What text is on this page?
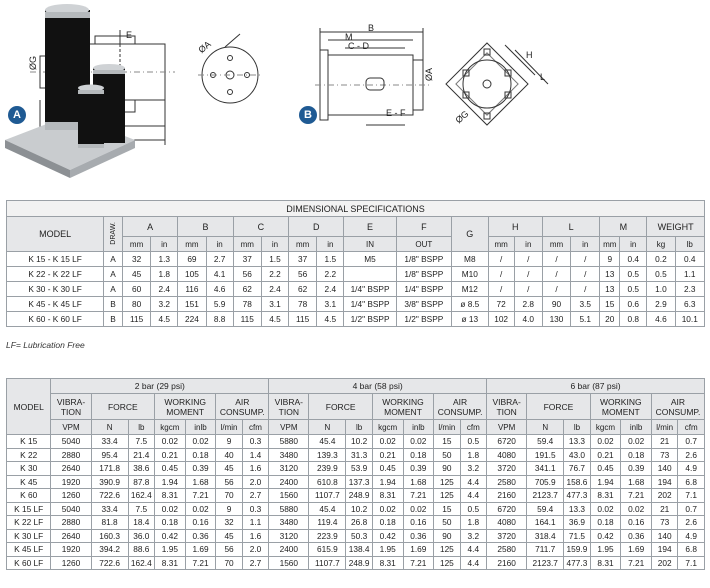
A	B
E
ØG
ØA
B
M
C - D
ØA
E - F	ØG
H
L
DIMENSIONAL SPECIFICATIONS																				
MODEL	DRAW.	A		B		C		D		E	F	G	H		L		M		WEIGHT	
		mm	in	mm	in	mm	in	mm	in	IN	OUT		mm	in	mm	in	mm	in	kg	lb
K 15 - K 15 LF	A	32	1.3	69	2.7	37	1.5	37	1.5	M5	1/8" BSPP	M8	/	/	/	/	9	0.4	0.2	0.4
K 22 - K 22 LF	A	45	1.8	105	4.1	56	2.2	56	2.2		1/8" BSPP	M10	/	/	/	/	13	0.5	0.5	1.1
K 30 - K 30 LF	A	60	2.4	116	4.6	62	2.4	62	2.4	1/4" BSPP	1/4" BSPP	M12	/	/	/	/	13	0.5	1.0	2.3
K 45 - K 45 LF	B	80	3.2	151	5.9	78	3.1	78	3.1	1/4" BSPP	3/8" BSPP	ø 8.5	72	2.8	90	3.5	15	0.6	2.9	6.3
K 60 - K 60 LF	B	115	4.5	224	8.8	115	4.5	115	4.5	1/2" BSPP	1/2" BSPP	ø 13	102	4.0	130	5.1	20	0.8	4.6	10.1
LF= Lubrication Free
MODEL	2 bar (29 psi)							4 bar (58 psi)							6 bar (87 psi)						
	VIBRA-TION	FORCE		WORKING MOMENT		AIR CONSUMP.		VIBRA-TION	FORCE		WORKING MOMENT		AIR CONSUMP.		VIBRA-TION	FORCE		WORKING MOMENT		AIR CONSUMP.	
	VPM	N	lb	kgcm	inlb	l/min	cfm	VPM	N	lb	kgcm	inlb	l/min	cfm	VPM	N	lb	kgcm	inlb	l/min	cfm
K 15	5040	33.4	7.5	0.02	0.02	9	0.3	5880	45.4	10.2	0.02	0.02	15	0.5	6720	59.4	13.3	0.02	0.02	21	0.7
K 22	2880	95.4	21.4	0.21	0.18	40	1.4	3480	139.3	31.3	0.21	0.18	50	1.8	4080	191.5	43.0	0.21	0.18	73	2.6
K 30	2640	171.8	38.6	0.45	0.39	45	1.6	3120	239.9	53.9	0.45	0.39	90	3.2	3720	341.1	76.7	0.45	0.39	140	4.9
K 45	1920	390.9	87.8	1.94	1.68	56	2.0	2400	610.8	137.3	1.94	1.68	125	4.4	2580	705.9	158.6	1.94	1.68	194	6.8
K 60	1260	722.6	162.4	8.31	7.21	70	2.7	1560	1107.7	248.9	8.31	7.21	125	4.4	2160	2123.7	477.3	8.31	7.21	202	7.1
K 15 LF	5040	33.4	7.5	0.02	0.02	9	0.3	5880	45.4	10.2	0.02	0.02	15	0.5	6720	59.4	13.3	0.02	0.02	21	0.7
K 22 LF	2880	81.8	18.4	0.18	0.16	32	1.1	3480	119.4	26.8	0.18	0.16	50	1.8	4080	164.1	36.9	0.18	0.16	73	2.6
K 30 LF	2640	160.3	36.0	0.42	0.36	45	1.6	3120	223.9	50.3	0.42	0.36	90	3.2	3720	318.4	71.5	0.42	0.36	140	4.9
K 45 LF	1920	394.2	88.6	1.95	1.69	56	2.0	2400	615.9	138.4	1.95	1.69	125	4.4	2580	711.7	159.9	1.95	1.69	194	6.8
K 60 LF	1260	722.6	162.4	8.31	7.21	70	2.7	1560	1107.7	248.9	8.31	7.21	125	4.4	2160	2123.7	477.3	8.31	7.21	202	7.1
